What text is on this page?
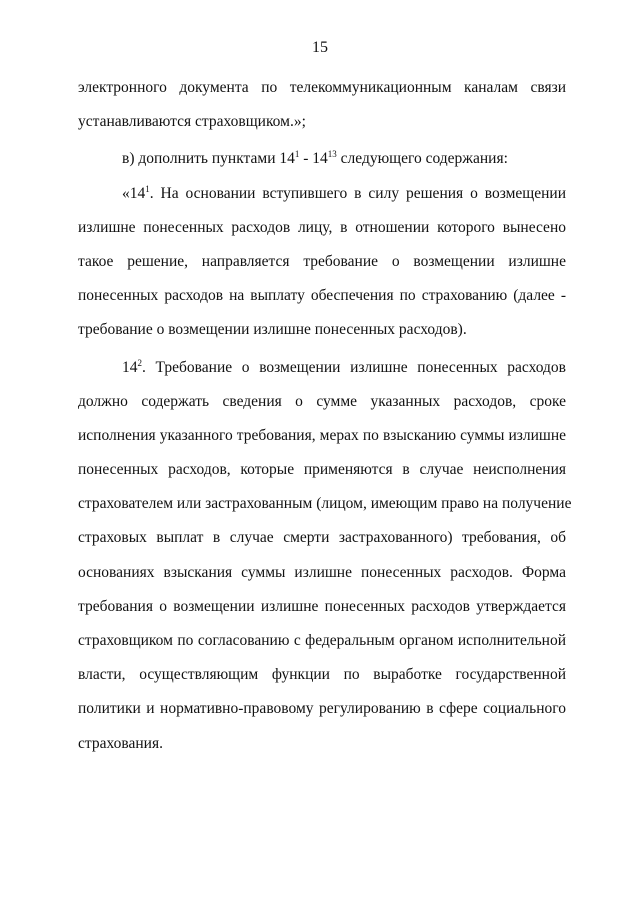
15
электронного документа по телекоммуникационным каналам связи
устанавливаются страховщиком.»;
в) дополнить пунктами $14^1 - 14^{13}$ следующего содержания:
«$14^1$. На основании вступившего в силу решения о возмещении
излишне понесенных расходов лицу, в отношении которого вынесено
такое решение, направляется требование о возмещении излишне
понесенных расходов на выплату обеспечения по страхованию (далее -
требование о возмещении излишне понесенных расходов).
$14^2$. Требование о возмещении излишне понесенных расходов
должно содержать сведения о сумме указанных расходов, сроке
исполнения указанного требования, мерах по взысканию суммы излишне
понесенных расходов, которые применяются в случае неисполнения
страхователем или застрахованным (лицом, имеющим право на получение
страховых выплат в случае смерти застрахованного) требования, об
основаниях взыскания суммы излишне понесенных расходов. Форма
требования о возмещении излишне понесенных расходов утверждается
страховщиком по согласованию с федеральным органом исполнительной
власти, осуществляющим функции по выработке государственной
политики и нормативно-правовому регулированию в сфере социального
страхования.
